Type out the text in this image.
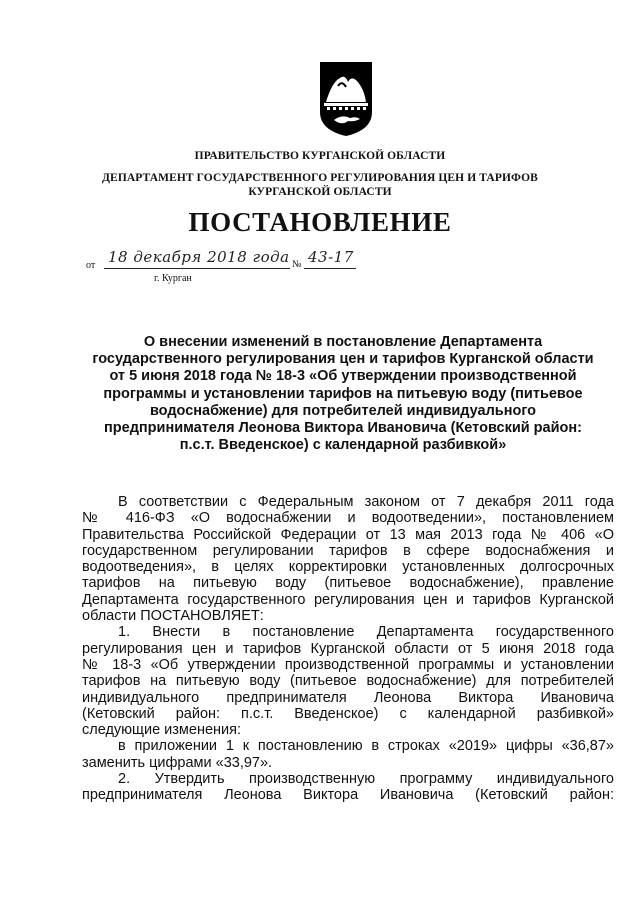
ПРАВИТЕЛЬСТВО КУРГАНСКОЙ ОБЛАСТИ
ДЕПАРТАМЕНТ ГОСУДАРСТВЕННОГО РЕГУЛИРОВАНИЯ ЦЕН И ТАРИФОВ
КУРГАНСКОЙ ОБЛАСТИ
ПОСТАНОВЛЕНИЕ
от 18 декабря 2018 года № 43-17
г. Курган
О внесении изменений в постановление Департамента
государственного регулирования цен и тарифов Курганской области
от 5 июня 2018 года № 18-3 «Об утверждении производственной
программы и установлении тарифов на питьевую воду (питьевое
водоснабжение) для потребителей индивидуального
предпринимателя Леонова Виктора Ивановича (Кетовский район:
п.с.т. Введенское) с календарной разбивкой»
В соответствии с Федеральным законом от 7 декабря 2011 года
№ 416-ФЗ «О водоснабжении и водоотведении», постановлением
Правительства Российской Федерации от 13 мая 2013 года № 406 «О
государственном регулировании тарифов в сфере водоснабжения и
водоотведения», в целях корректировки установленных долгосрочных
тарифов на питьевую воду (питьевое водоснабжение), правление
Департамента государственного регулирования цен и тарифов Курганской
области ПОСТАНОВЛЯЕТ:
1. Внести в постановление Департамента государственного
регулирования цен и тарифов Курганской области от 5 июня 2018 года
№ 18-3 «Об утверждении производственной программы и установлении
тарифов на питьевую воду (питьевое водоснабжение) для потребителей
индивидуального предпринимателя Леонова Виктора Ивановича
(Кетовский район: п.с.т. Введенское) с календарной разбивкой»
следующие изменения:
в приложении 1 к постановлению в строках «2019» цифры «36,87»
заменить цифрами «33,97».
2. Утвердить производственную программу индивидуального
предпринимателя Леонова Виктора Ивановича (Кетовский район:
